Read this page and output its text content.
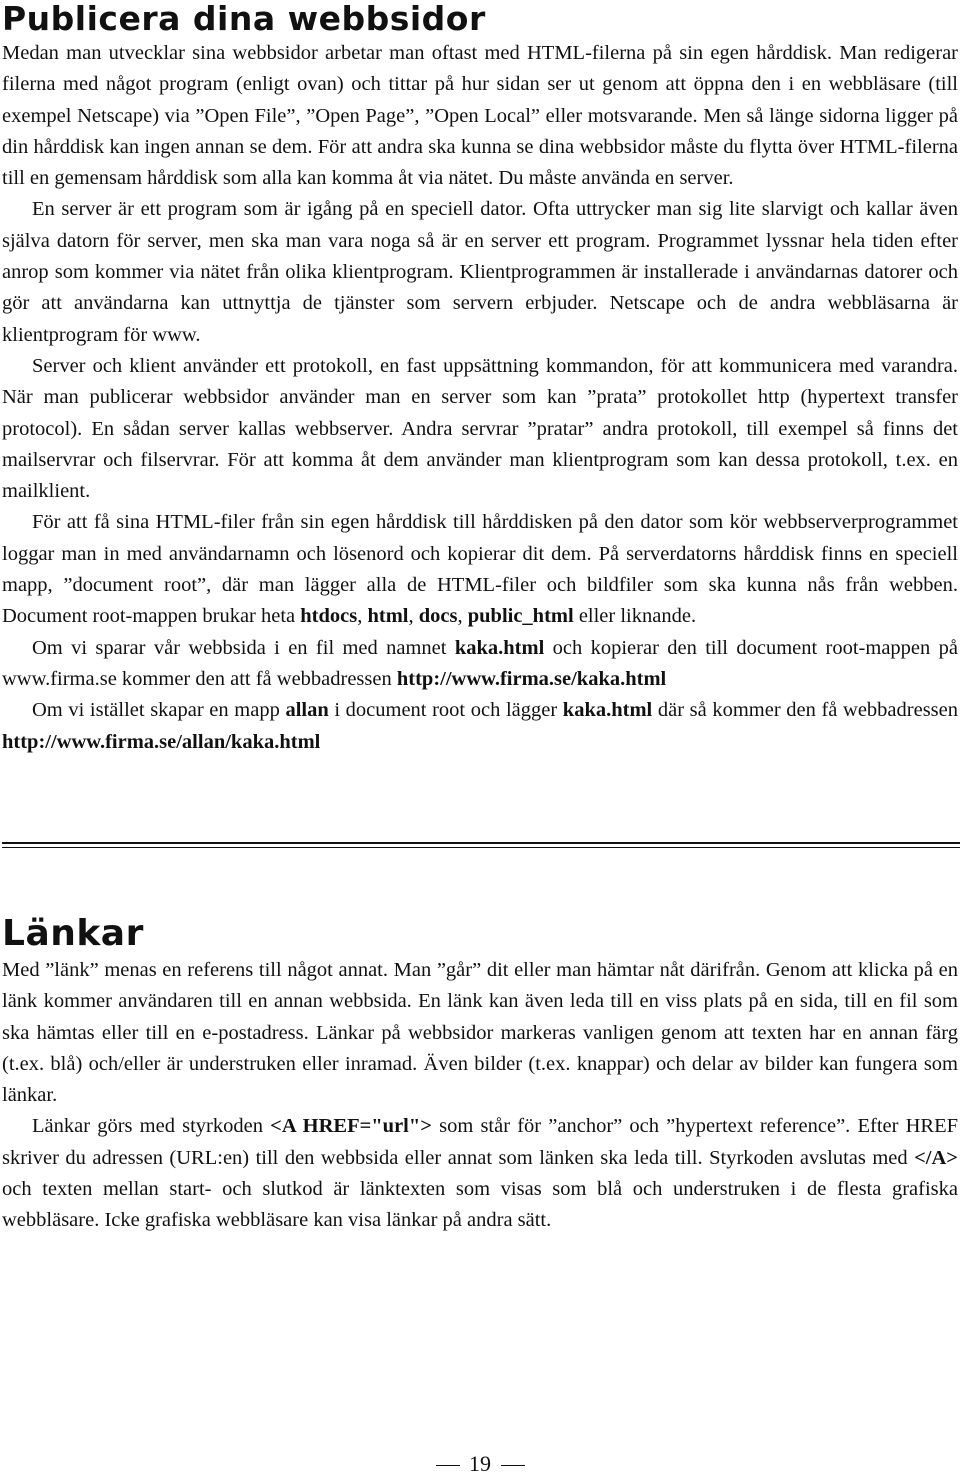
Publicera dina webbsidor

Medan man utvecklar sina webbsidor arbetar man oftast med HTML-filerna på sin egen hårddisk. Man redigerar filerna med något program (enligt ovan) och tittar på hur sidan ser ut genom att öppna den i en webbläsare (till exempel Netscape) via ”Open File”, ”Open Page”, ”Open Local” eller motsvarande. Men så länge sidorna ligger på din hårddisk kan ingen annan se dem. För att andra ska kunna se dina webbsidor måste du flytta över HTML-filerna till en gemensam hårddisk som alla kan komma åt via nätet. Du måste använda en server.

En server är ett program som är igång på en speciell dator. Ofta uttrycker man sig lite slarvigt och kallar även själva datorn för server, men ska man vara noga så är en server ett program. Programmet lyssnar hela tiden efter anrop som kommer via nätet från olika klientprogram. Klientprogrammen är installerade i användarnas datorer och gör att användarna kan uttnyttja de tjänster som servern erbjuder. Netscape och de andra webbläsarna är klientprogram för www.

Server och klient använder ett protokoll, en fast uppsättning kommandon, för att kommunicera med varandra. När man publicerar webbsidor använder man en server som kan ”prata” protokollet http (hypertext transfer protocol). En sådan server kallas webbserver. Andra servrar ”pratar” andra protokoll, till exempel så finns det mailservrar och filservrar. För att komma åt dem använder man klientprogram som kan dessa protokoll, t.ex. en mailklient.

För att få sina HTML-filer från sin egen hårddisk till hårddisken på den dator som kör webbserverprogrammet loggar man in med användarnamn och lösenord och kopierar dit dem. På serverdatorns hårddisk finns en speciell mapp, ”document root”, där man lägger alla de HTML-filer och bildfiler som ska kunna nås från webben. Document root-mappen brukar heta htdocs, html, docs, public_html eller liknande.

Om vi sparar vår webbsida i en fil med namnet kaka.html och kopierar den till document root-mappen på www.firma.se kommer den att få webbadressen http://www.firma.se/kaka.html

Om vi istället skapar en mapp allan i document root och lägger kaka.html där så kommer den få webbadressen http://www.firma.se/allan/kaka.html

Länkar

Med ”länk” menas en referens till något annat. Man ”går” dit eller man hämtar nåt därifrån. Genom att klicka på en länk kommer användaren till en annan webbsida. En länk kan även leda till en viss plats på en sida, till en fil som ska hämtas eller till en e-postadress. Länkar på webbsidor markeras vanligen genom att texten har en annan färg (t.ex. blå) och/eller är understruken eller inramad. Även bilder (t.ex. knappar) och delar av bilder kan fungera som länkar.

Länkar görs med styrkoden <A HREF="url"> som står för ”anchor” och ”hypertext reference”. Efter HREF skriver du adressen (URL:en) till den webbsida eller annat som länken ska leda till. Styrkoden avslutas med </A> och texten mellan start- och slutkod är länktexten som visas som blå och understruken i de flesta grafiska webbläsare. Icke grafiska webbläsare kan visa länkar på andra sätt.

19
